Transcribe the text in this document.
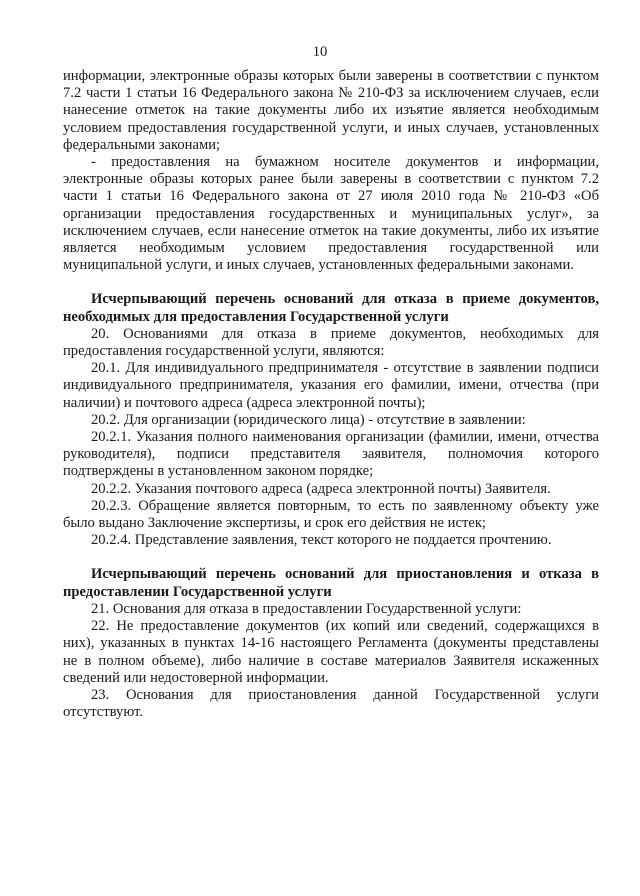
10

информации, электронные образы которых были заверены в соответствии с пунктом 7.2 части 1 статьи 16 Федерального закона № 210-ФЗ за исключением случаев, если нанесение отметок на такие документы либо их изъятие является необходимым условием предоставления государственной услуги, и иных случаев, установленных федеральными законами;

- предоставления на бумажном носителе документов и информации, электронные образы которых ранее были заверены в соответствии с пунктом 7.2 части 1 статьи 16 Федерального закона от 27 июля 2010 года № 210-ФЗ «Об организации предоставления государственных и муниципальных услуг», за исключением случаев, если нанесение отметок на такие документы, либо их изъятие является необходимым условием предоставления государственной или муниципальной услуги, и иных случаев, установленных федеральными законами.

Исчерпывающий перечень оснований для отказа в приеме документов, необходимых для предоставления Государственной услуги

20. Основаниями для отказа в приеме документов, необходимых для предоставления государственной услуги, являются:

20.1. Для индивидуального предпринимателя - отсутствие в заявлении подписи индивидуального предпринимателя, указания его фамилии, имени, отчества (при наличии) и почтового адреса (адреса электронной почты);

20.2. Для организации (юридического лица) - отсутствие в заявлении:

20.2.1. Указания полного наименования организации (фамилии, имени, отчества руководителя), подписи представителя заявителя, полномочия которого подтверждены в установленном законом порядке;

20.2.2. Указания почтового адреса (адреса электронной почты) Заявителя.

20.2.3. Обращение является повторным, то есть по заявленному объекту уже было выдано Заключение экспертизы, и срок его действия не истек;

20.2.4. Представление заявления, текст которого не поддается прочтению.

Исчерпывающий перечень оснований для приостановления и отказа в предоставлении Государственной услуги

21. Основания для отказа в предоставлении Государственной услуги:

22. Не предоставление документов (их копий или сведений, содержащихся в них), указанных в пунктах 14-16 настоящего Регламента (документы представлены не в полном объеме), либо наличие в составе материалов Заявителя искаженных сведений или недостоверной информации.

23. Основания для приостановления данной Государственной услуги отсутствуют.
